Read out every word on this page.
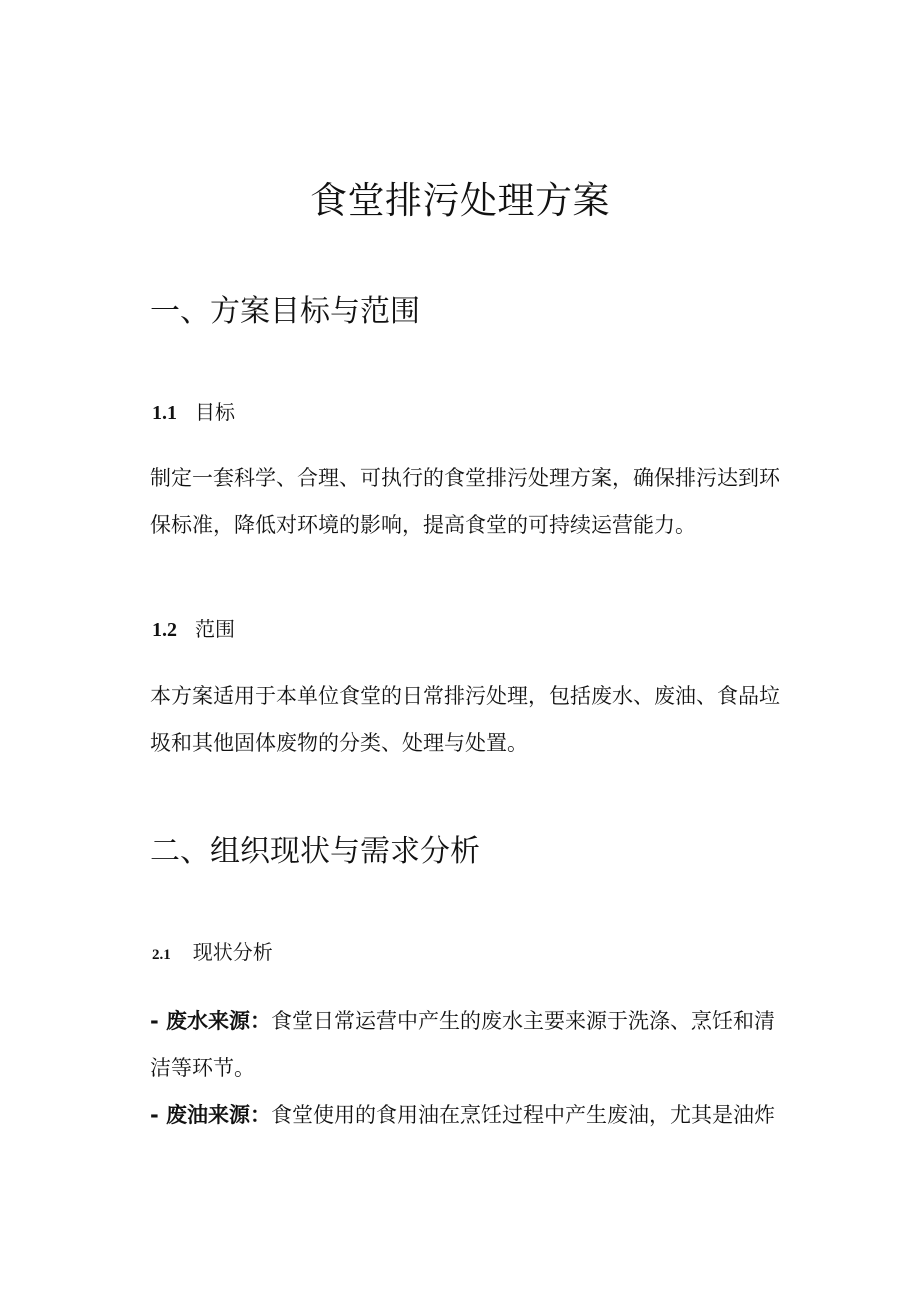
食堂排污处理方案
一、方案目标与范围
1.1 目标

制定一套科学、合理、可执行的食堂排污处理方案，确保排污达到环
保标准，降低对环境的影响，提高食堂的可持续运营能力。

1.2 范围

本方案适用于本单位食堂的日常排污处理，包括废水、废油、食品垃
圾和其他固体废物的分类、处理与处置。

二、组织现状与需求分析
2.1 现状分析

- 废水来源：食堂日常运营中产生的废水主要来源于洗涤、烹饪和清
洁等环节。

- 废油来源：食堂使用的食用油在烹饪过程中产生废油，尤其是油炸
